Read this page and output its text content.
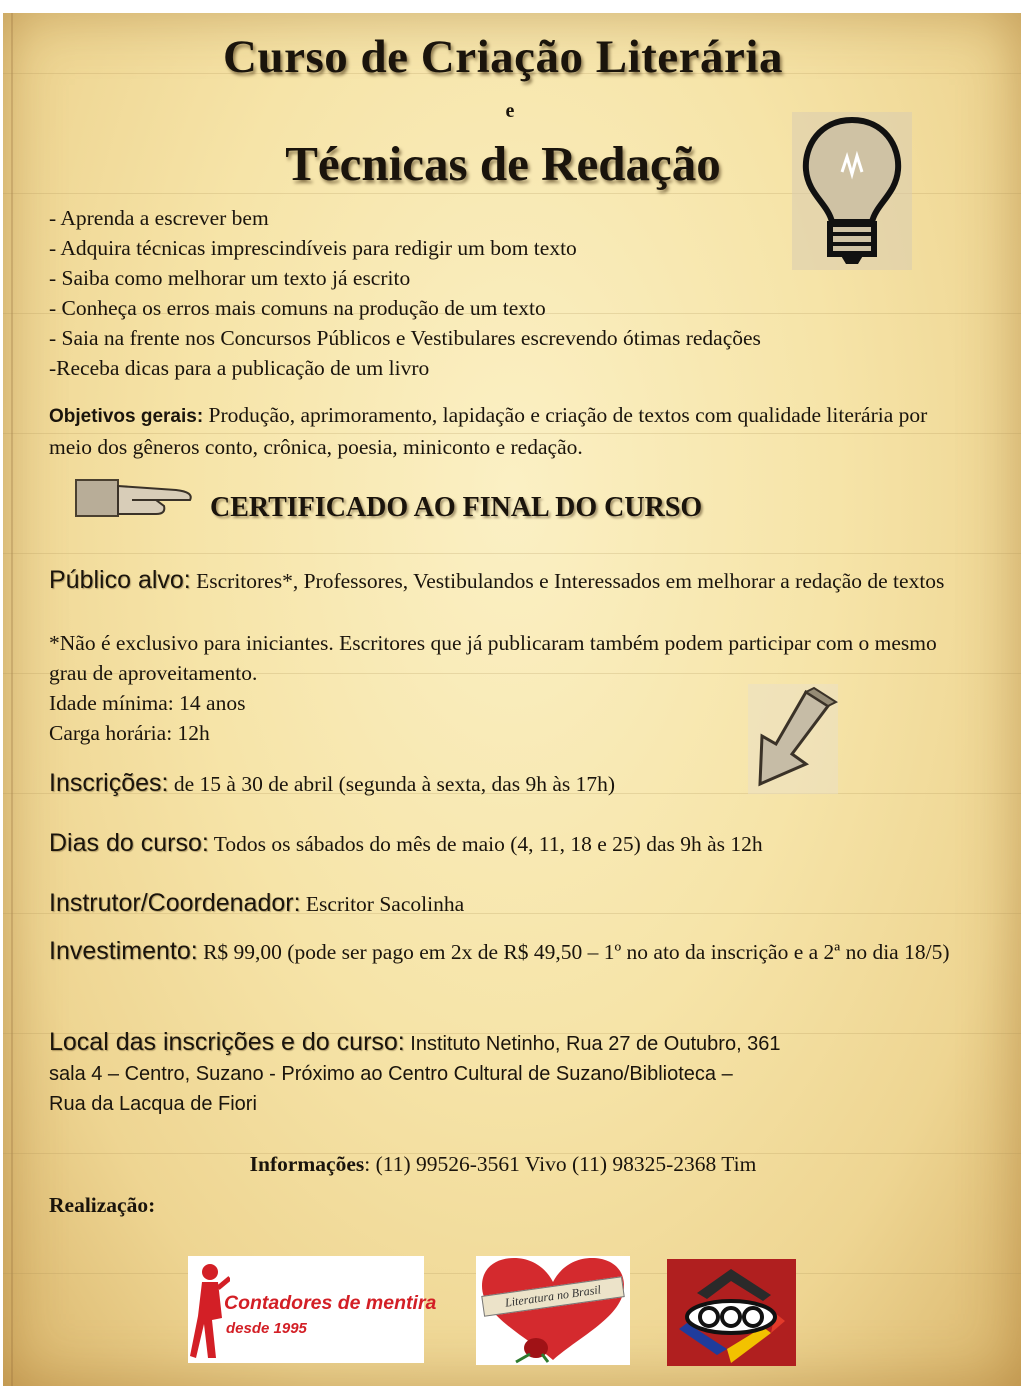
Curso de Criação Literária
e
Técnicas de Redação
- Aprenda a escrever bem
- Adquira técnicas imprescindíveis para redigir um bom texto
- Saiba como melhorar um texto já escrito
- Conheça os erros mais comuns na produção de um texto
- Saia na frente nos Concursos Públicos e Vestibulares escrevendo ótimas redações
-Receba dicas para a publicação de um livro
Objetivos gerais: Produção, aprimoramento, lapidação e criação de textos com qualidade literária por meio dos gêneros conto, crônica, poesia, miniconto e redação.
CERTIFICADO AO FINAL DO CURSO
Público alvo: Escritores*, Professores, Vestibulandos e Interessados em melhorar a redação de textos
*Não é exclusivo para iniciantes. Escritores que já publicaram também podem participar com o mesmo grau de aproveitamento.
Idade mínima: 14 anos
Carga horária: 12h
Inscrições: de 15 à 30 de abril (segunda à sexta, das 9h às 17h)
Dias do curso: Todos os sábados do mês de maio (4, 11, 18 e 25) das 9h às 12h
Instrutor/Coordenador: Escritor Sacolinha
Investimento: R$ 99,00 (pode ser pago em 2x de R$ 49,50 – 1º no ato da inscrição e a 2ª no dia 18/5)
Local das inscrições e do curso: Instituto Netinho, Rua 27 de Outubro, 361
sala 4 – Centro, Suzano - Próximo ao Centro Cultural de Suzano/Biblioteca –
Rua da Lacqua de Fiori
Informações: (11) 99526-3561 Vivo (11) 98325-2368 Tim
Realização:
Contadores de mentira
desde 1995
Literatura no Brasil
